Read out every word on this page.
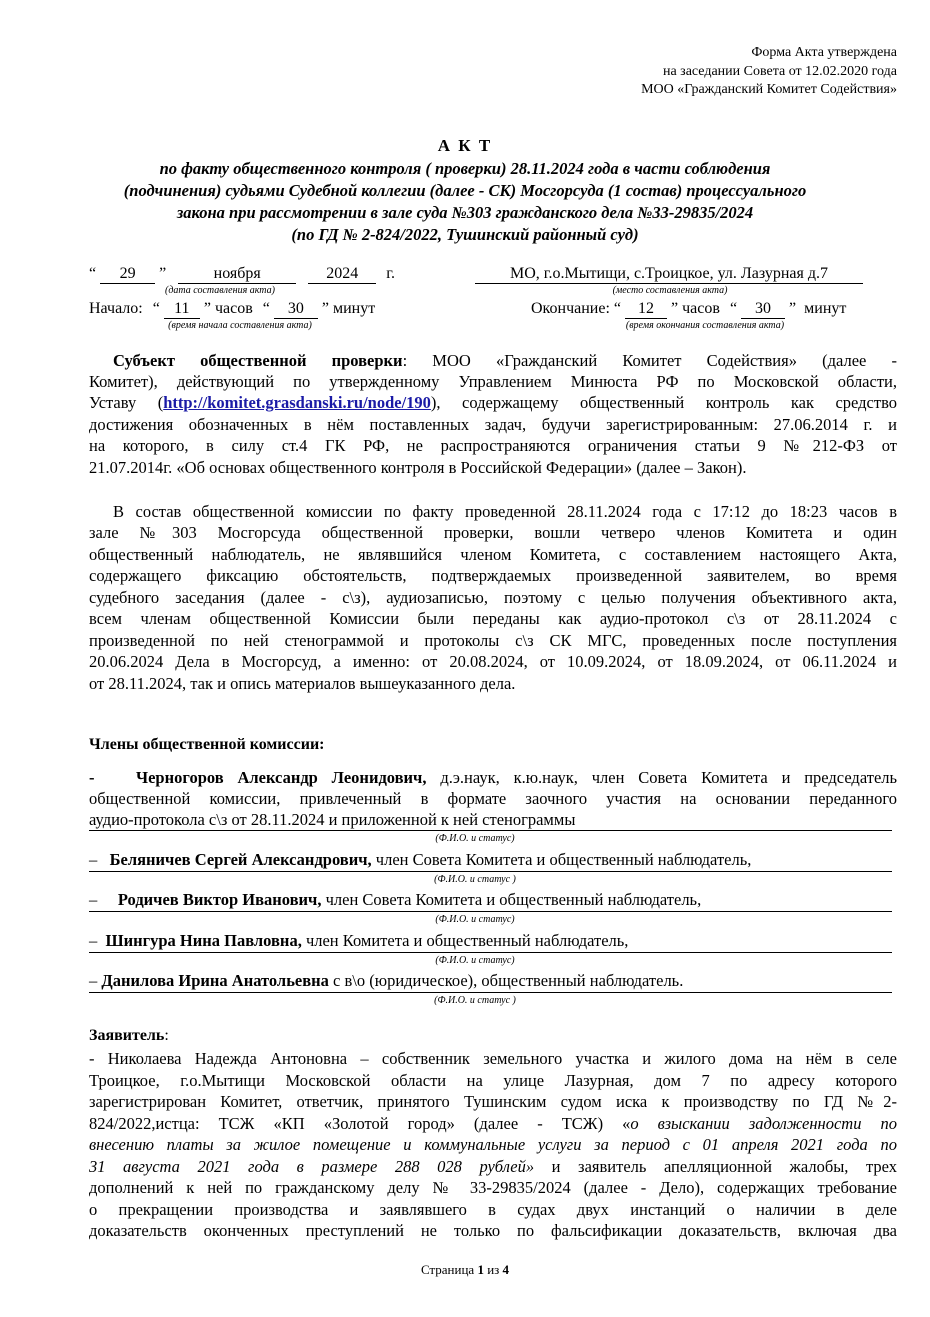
Форма Акта утверждена
на заседании Совета от 12.02.2020 года
МОО «Гражданский Комитет Содействия»
А К Т
по факту общественного контроля ( проверки) 28.11.2024 года в части соблюдения
(подчинения) судьями Судебной коллегии (далее - СК) Мосгорсуда (1 состав) процессуального
закона при рассмотрении в зале суда №303 гражданского дела №33-29835/2024
(по ГД № 2-824/2022, Тушинский районный суд)
“ 29 ”	ноября	2024 г.	МО, г.о.Мытищи, с.Троицкое, ул. Лазурная д.7
(дата составления акта)	(место составления акта)
Начало: “ 11 ” часов “ 30 ” минут	Окончание: “ 12 ” часов “ 30 ” минут
(время начала составления акта)	(время окончания составления акта)
Субъект общественной проверки: МОО «Гражданский Комитет Содействия» (далее -
Комитет), действующий по утвержденному Управлением Минюста РФ по Московской области,
Уставу (http://komitet.grasdanski.ru/node/190), содержащему общественный контроль как средство
достижения обозначенных в нём поставленных задач, будучи зарегистрированным: 27.06.2014 г. и
на которого, в силу ст.4 ГК РФ, не распространяются ограничения статьи 9 №212-ФЗ от
21.07.2014г. «Об основах общественного контроля в Российской Федерации» (далее – Закон).
В состав общественной комиссии по факту проведенной 28.11.2024 года с 17:12 до 18:23 часов в
зале №303 Мосгорсуда общественной проверки, вошли четверо членов Комитета и один
общественный наблюдатель, не являвшийся членом Комитета, с составлением настоящего Акта,
содержащего фиксацию обстоятельств, подтверждаемых произведенной заявителем, во время
судебного заседания (далее - с\з), аудиозаписью, поэтому с целью получения объективного акта,
всем членам общественной Комиссии были переданы как аудио-протокол с\з от 28.11.2024 с
произведенной по ней стенограммой и протоколы с\з СК МГС, проведенных после поступления
20.06.2024 Дела в Мосгорсуд, а именно: от 20.08.2024, от 10.09.2024, от 18.09.2024, от 06.11.2024 и
от 28.11.2024, так и опись материалов вышеуказанного дела.
Члены общественной комиссии:
-	Черногоров Александр Леонидович, д.э.наук, к.ю.наук, член Совета Комитета и председатель
общественной комиссии, привлеченный в формате заочного участия на основании переданного
аудио-протокола с\з от 28.11.2024 и приложенной к ней стенограммы
(Ф.И.О. и статус)
– Беляничев Сергей Александрович, член Совета Комитета и общественный наблюдатель,
(Ф.И.О. и статус )
– Родичев Виктор Иванович, член Совета Комитета и общественный наблюдатель,
(Ф.И.О. и статус)
– Шингура Нина Павловна, член Комитета и общественный наблюдатель,
(Ф.И.О. и статус)
– Данилова Ирина Анатольевна с в\о (юридическое), общественный наблюдатель.
(Ф.И.О. и статус )
Заявитель:
- Николаева Надежда Антоновна – собственник земельного участка и жилого дома на нём в селе
Троицкое, г.о.Мытищи Московской области на улице Лазурная, дом 7 по адресу которого
зарегистрирован Комитет, ответчик, принятого Тушинским судом иска к производству по ГД №2-
824/2022,истца: ТСЖ «КП «Золотой город» (далее - ТСЖ) «о взыскании задолженности по
внесению платы за жилое помещение и коммунальные услуги за период с 01 апреля 2021 года по
31 августа 2021 года в размере 288 028 рублей» и заявитель апелляционной жалобы, трех
дополнений к ней по гражданскому делу № 33-29835/2024 (далее - Дело), содержащих требование
о прекращении производства и заявлявшего в судах двух инстанций о наличии в деле
доказательств оконченных преступлений не только по фальсификации доказательств, включая два
Страница 1 из 4
